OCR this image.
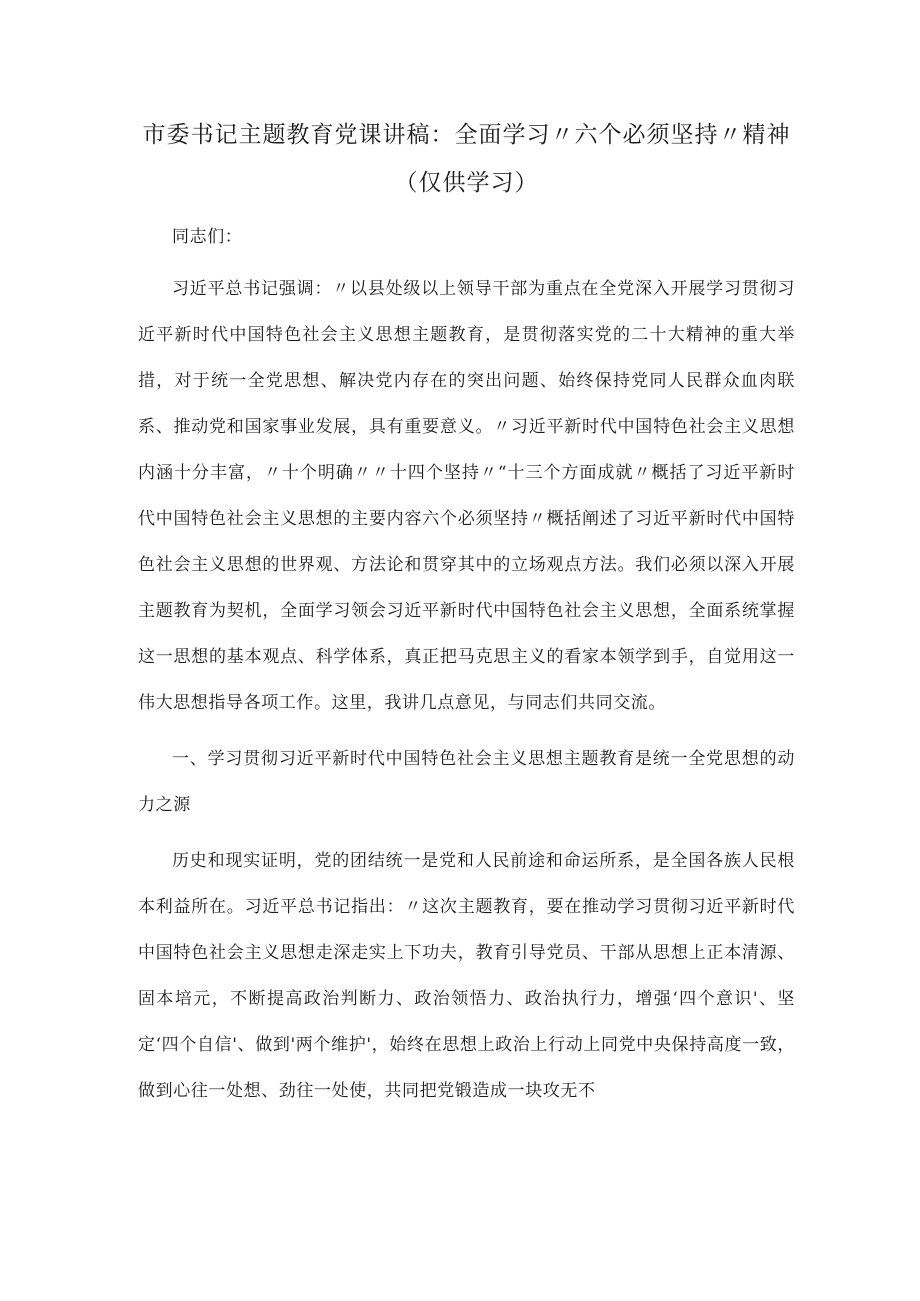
市委书记主题教育党课讲稿：全面学习〃六个必须坚持〃精神
（仅供学习）

同志们：

习近平总书记强调：〃以县处级以上领导干部为重点在全党深入开展学习贯彻习近平新时代中国特色社会主义思想主题教育，是贯彻落实党的二十大精神的重大举措，对于统一全党思想、解决党内存在的突出问题、始终保持党同人民群众血肉联系、推动党和国家事业发展，具有重要意义。〃习近平新时代中国特色社会主义思想内涵十分丰富，〃十个明确〃〃十四个坚持〃“十三个方面成就〃概括了习近平新时代中国特色社会主义思想的主要内容六个必须坚持〃概括阐述了习近平新时代中国特色社会主义思想的世界观、方法论和贯穿其中的立场观点方法。我们必须以深入开展主题教育为契机，全面学习领会习近平新时代中国特色社会主义思想，全面系统掌握这一思想的基本观点、科学体系，真正把马克思主义的看家本领学到手，自觉用这一伟大思想指导各项工作。这里，我讲几点意见，与同志们共同交流。

一、学习贯彻习近平新时代中国特色社会主义思想主题教育是统一全党思想的动力之源

历史和现实证明，党的团结统一是党和人民前途和命运所系，是全国各族人民根本利益所在。习近平总书记指出：〃这次主题教育，要在推动学习贯彻习近平新时代中国特色社会主义思想走深走实上下功夫，教育引导党员、干部从思想上正本清源、固本培元，不断提高政治判断力、政治领悟力、政治执行力，增强‘四个意识'、坚定‘四个自信'、做到'两个维护'，始终在思想上政治上行动上同党中央保持高度一致，做到心往一处想、劲往一处使，共同把党锻造成一块攻无不
